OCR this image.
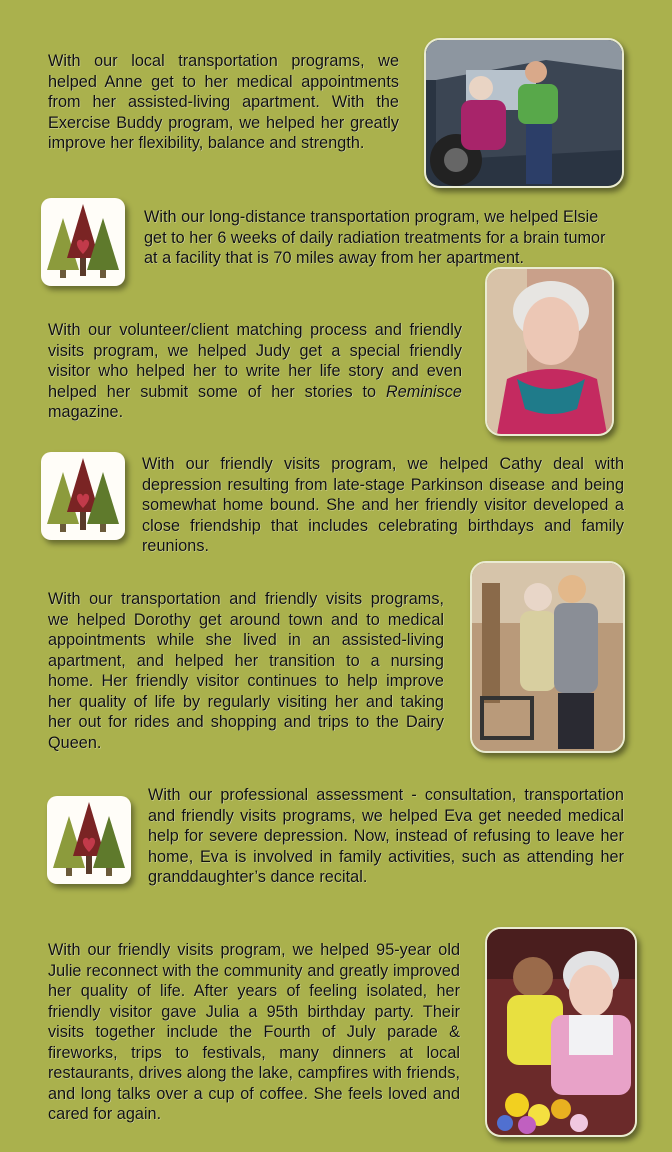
With our local transportation programs, we helped Anne get to her medical appointments from her assisted-living apartment. With the Exercise Buddy program, we helped her greatly improve her flexibility, balance and strength.
With our long-distance transportation program, we helped Elsie get to her 6 weeks of daily radiation treatments for a brain tumor at a facility that is 70 miles away from her apartment.
With our volunteer/client matching process and friendly visits program, we helped Judy get a special friendly visitor who helped her to write her life story and even helped her submit some of her stories to Reminisce magazine.
With our friendly visits program, we helped Cathy deal with depression resulting from late-stage Parkinson disease and being somewhat home bound. She and her friendly visitor developed a close friendship that includes celebrating birthdays and family reunions.
With our transportation and friendly visits programs, we helped Dorothy get around town and to medical appointments while she lived in an assisted-living apartment, and helped her transition to a nursing home. Her friendly visitor continues to help improve her quality of life by regularly visiting her and taking her out for rides and shopping and trips to the Dairy Queen.
With our professional assessment - consultation, transportation and friendly visits programs, we helped Eva get needed medical help for severe depression. Now, instead of refusing to leave her home, Eva is involved in family activities, such as attending her granddaughter’s dance recital.
With our friendly visits program, we helped 95-year old Julie reconnect with the community and greatly improved her quality of life. After years of feeling isolated, her friendly visitor gave Julia a 95th birthday party. Their visits together include the Fourth of July parade & fireworks, trips to festivals, many dinners at local restaurants, drives along the lake, campfires with friends, and long talks over a cup of coffee. She feels loved and cared for again.
